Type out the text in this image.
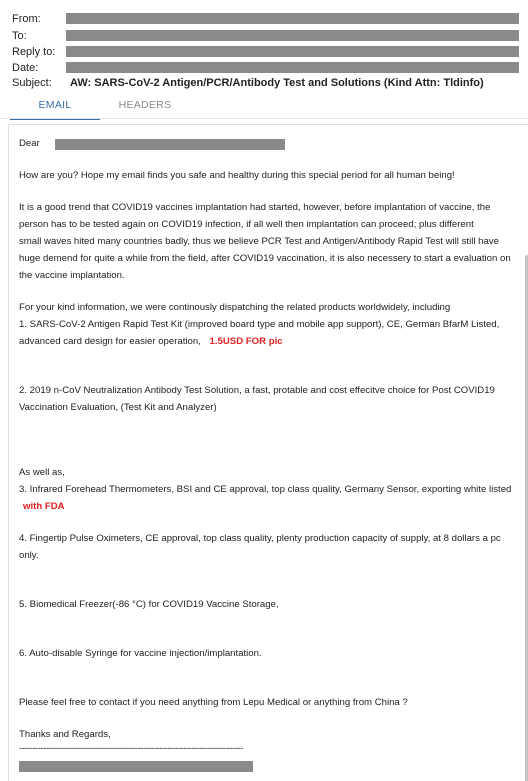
From:
To:
Reply to:
Date:
Subject: AW: SARS-CoV-2 Antigen/PCR/Antibody Test and Solutions (Kind Attn: Tldinfo)
EMAIL	HEADERS
Dear
How are you? Hope my email finds you safe and healthy during this special period for all human being!
It is a good trend that COVID19 vaccines implantation had started, however, before implantation of vaccine, the
person has to be tested again on COVID19 infection, if all well then implantation can proceed; plus different
small waves hited many countries badly, thus we believe PCR Test and Antigen/Antibody Rapid Test will still have
huge demend for quite a while from the field, after COVID19 vaccination, it is also necessery to start a evaluation on
the vaccine implantation.
For your kind information, we were continously dispatching the related products worldwidely, including
1. SARS-CoV-2 Antigen Rapid Test Kit (improved board type and mobile app support), CE, German BfarM Listed,
advanced card design for easier operation, 1.5USD FOR pic
2. 2019 n-CoV Neutralization Antibody Test Solution, a fast, protable and cost effecitve choice for Post COVID19
Vaccination Evaluation, (Test Kit and Analyzer)
As well as,
3. Infrared Forehead Thermometers, BSI and CE approval, top class quality, Germany Sensor, exporting white listed
with FDA
4. Fingertip Pulse Oximeters, CE approval, top class quality, plenty production capacity of supply, at 8 dollars a pc
only.
5. Biomedical Freezer(-86 °C) for COVID19 Vaccine Storage,
6. Auto-disable Syringe for vaccine injection/implantation.
Please feel free to contact if you need anything from Lepu Medical or anything from China ?
Thanks and Regards,
-----------------------------------------------------------------------------------
